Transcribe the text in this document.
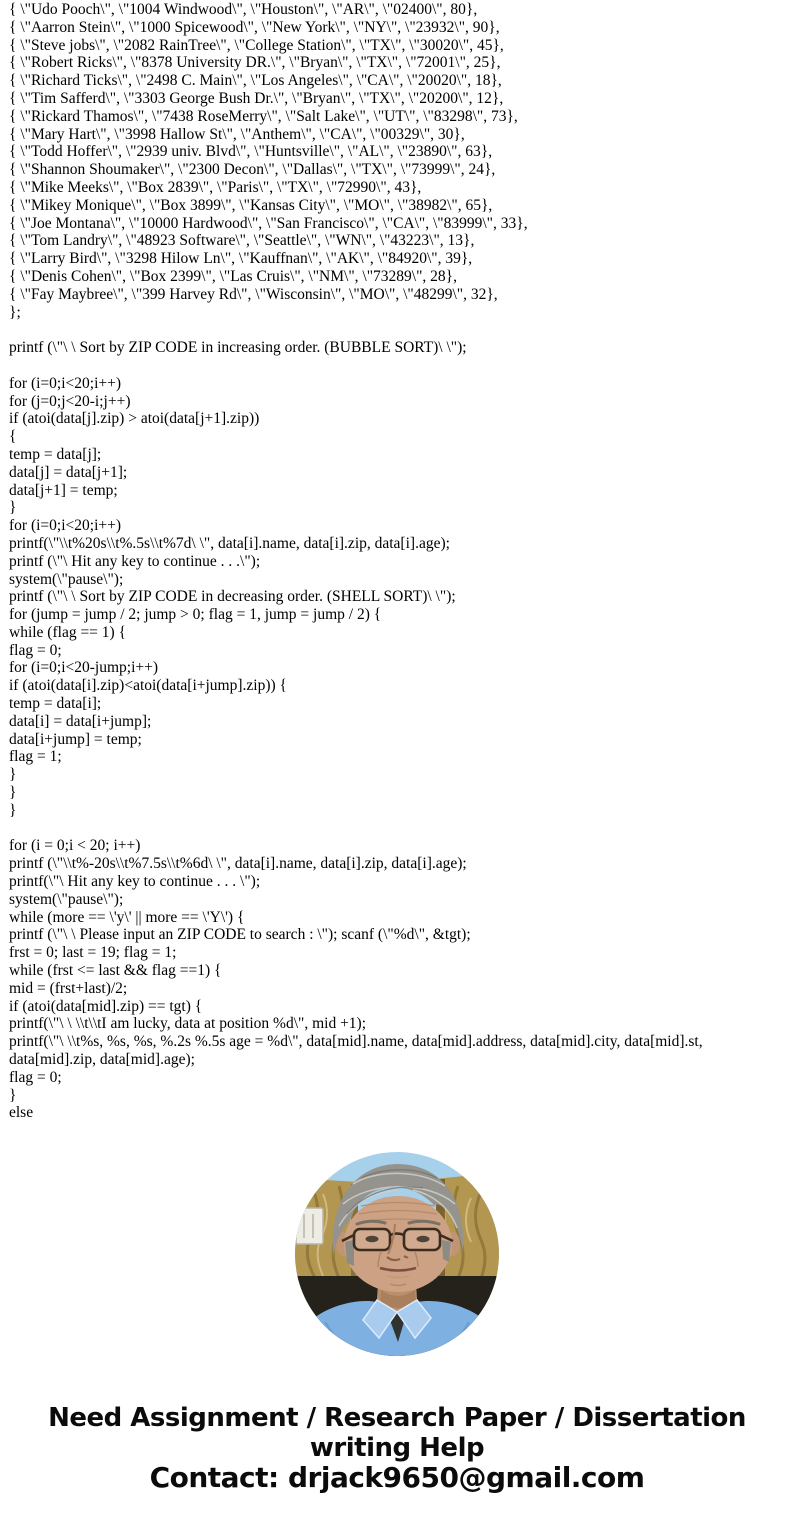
{ \"Udo Pooch\", \"1004 Windwood\", \"Houston\", \"AR\", \"02400\", 80},
{ \"Aarron Stein\", \"1000 Spicewood\", \"New York\", \"NY\", \"23932\", 90},
{ \"Steve jobs\", \"2082 RainTree\", \"College Station\", \"TX\", \"30020\", 45},
{ \"Robert Ricks\", \"8378 University DR.\", \"Bryan\", \"TX\", \"72001\", 25},
{ \"Richard Ticks\", \"2498 C. Main\", \"Los Angeles\", \"CA\", \"20020\", 18},
{ \"Tim Safferd\", \"3303 George Bush Dr.\", \"Bryan\", \"TX\", \"20200\", 12},
{ \"Rickard Thamos\", \"7438 RoseMerry\", \"Salt Lake\", \"UT\", \"83298\", 73},
{ \"Mary Hart\", \"3998 Hallow St\", \"Anthem\", \"CA\", \"00329\", 30},
{ \"Todd Hoffer\", \"2939 univ. Blvd\", \"Huntsville\", \"AL\", \"23890\", 63},
{ \"Shannon Shoumaker\", \"2300 Decon\", \"Dallas\", \"TX\", \"73999\", 24},
{ \"Mike Meeks\", \"Box 2839\", \"Paris\", \"TX\", \"72990\", 43},
{ \"Mikey Monique\", \"Box 3899\", \"Kansas City\", \"MO\", \"38982\", 65},
{ \"Joe Montana\", \"10000 Hardwood\", \"San Francisco\", \"CA\", \"83999\", 33},
{ \"Tom Landry\", \"48923 Software\", \"Seattle\", \"WN\", \"43223\", 13},
{ \"Larry Bird\", \"3298 Hilow Ln\", \"Kauffnan\", \"AK\", \"84920\", 39},
{ \"Denis Cohen\", \"Box 2399\", \"Las Cruis\", \"NM\", \"73289\", 28},
{ \"Fay Maybree\", \"399 Harvey Rd\", \"Wisconsin\", \"MO\", \"48299\", 32},
};

printf (\"\ \ Sort by ZIP CODE in increasing order. (BUBBLE SORT)\ \");

for (i=0;i<20;i++)
for (j=0;j<20-i;j++)
if (atoi(data[j].zip) > atoi(data[j+1].zip))
{
temp = data[j];
data[j] = data[j+1];
data[j+1] = temp;
}
for (i=0;i<20;i++)
printf(\"\\t%20s\\t%.5s\\t%7d\ \", data[i].name, data[i].zip, data[i].age);
printf (\"\ Hit any key to continue . . .\");
system(\"pause\");
printf (\"\ \ Sort by ZIP CODE in decreasing order. (SHELL SORT)\ \");
for (jump = jump / 2; jump > 0; flag = 1, jump = jump / 2) {
while (flag == 1) {
flag = 0;
for (i=0;i<20-jump;i++)
if (atoi(data[i].zip)<atoi(data[i+jump].zip)) {
temp = data[i];
data[i] = data[i+jump];
data[i+jump] = temp;
flag = 1;
}
}
}

for (i = 0;i < 20; i++)
printf (\"\\t%-20s\\t%7.5s\\t%6d\ \", data[i].name, data[i].zip, data[i].age);
printf(\"\ Hit any key to continue . . . \");
system(\"pause\");
while (more == \'y\' || more == \'Y\') {
printf (\"\ \ Please input an ZIP CODE to search : \"); scanf (\"%d\", &tgt);
frst = 0; last = 19; flag = 1;
while (frst <= last && flag ==1) {
mid = (frst+last)/2;
if (atoi(data[mid].zip) == tgt) {
printf(\"\ \ \\t\\tI am lucky, data at position %d\", mid +1);
printf(\"\ \\t%s, %s, %s, %.2s %.5s age = %d\", data[mid].name, data[mid].address, data[mid].city, data[mid].st, data[mid].zip, data[mid].age);
flag = 0;
}
else
Need Assignment / Research Paper / Dissertation
writing Help
Contact: drjack9650@gmail.com
